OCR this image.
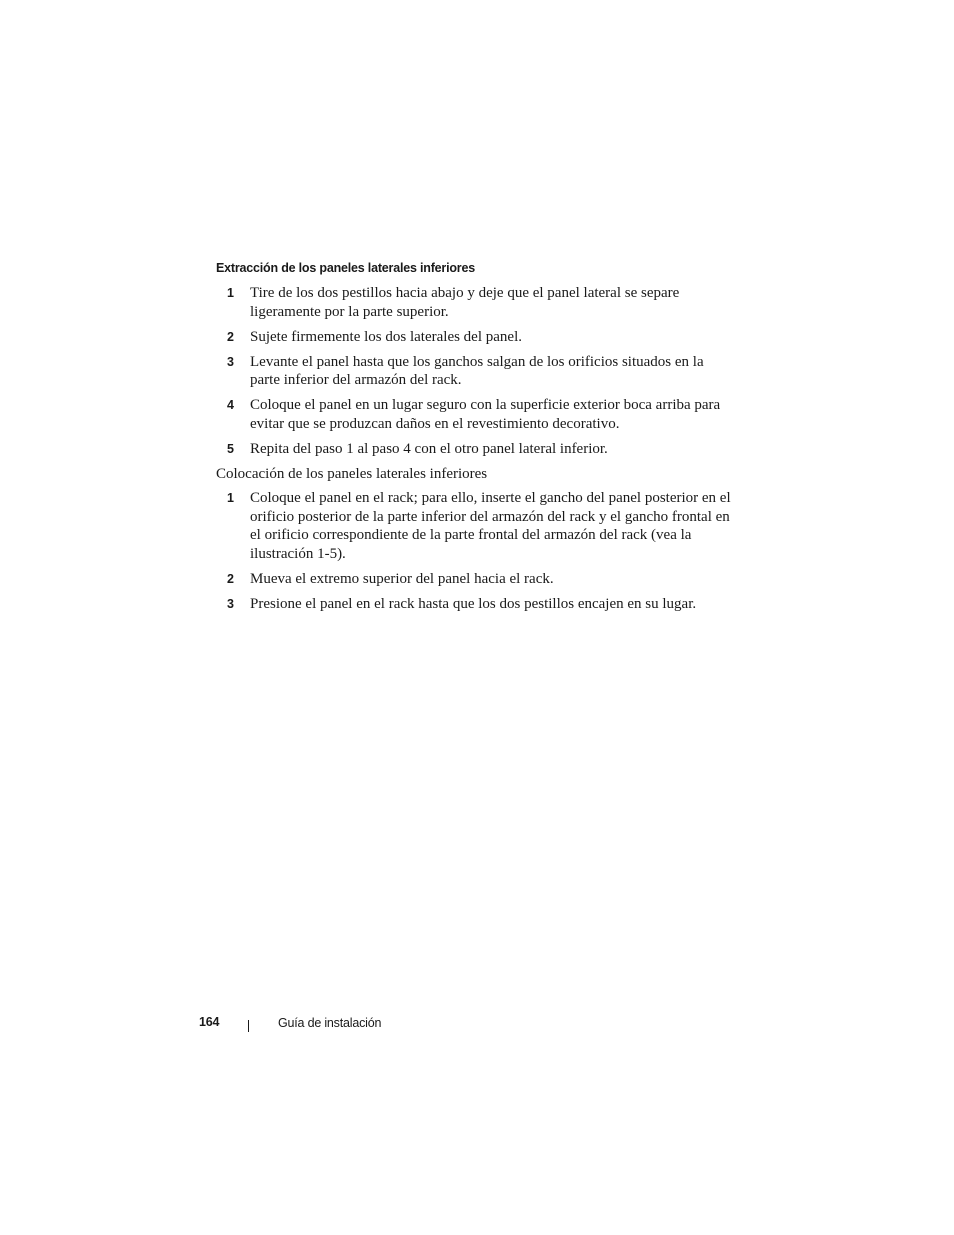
Extracción de los paneles laterales inferiores
1 Tire de los dos pestillos hacia abajo y deje que el panel lateral se separe ligeramente por la parte superior.
2 Sujete firmemente los dos laterales del panel.
3 Levante el panel hasta que los ganchos salgan de los orificios situados en la parte inferior del armazón del rack.
4 Coloque el panel en un lugar seguro con la superficie exterior boca arriba para evitar que se produzcan daños en el revestimiento decorativo.
5 Repita del paso 1 al paso 4 con el otro panel lateral inferior.

Colocación de los paneles laterales inferiores

1 Coloque el panel en el rack; para ello, inserte el gancho del panel posterior en el orificio posterior de la parte inferior del armazón del rack y el gancho frontal en el orificio correspondiente de la parte frontal del armazón del rack (vea la ilustración 1-5).
2 Mueva el extremo superior del panel hacia el rack.
3 Presione el panel en el rack hasta que los dos pestillos encajen en su lugar.
164	Guía de instalación
